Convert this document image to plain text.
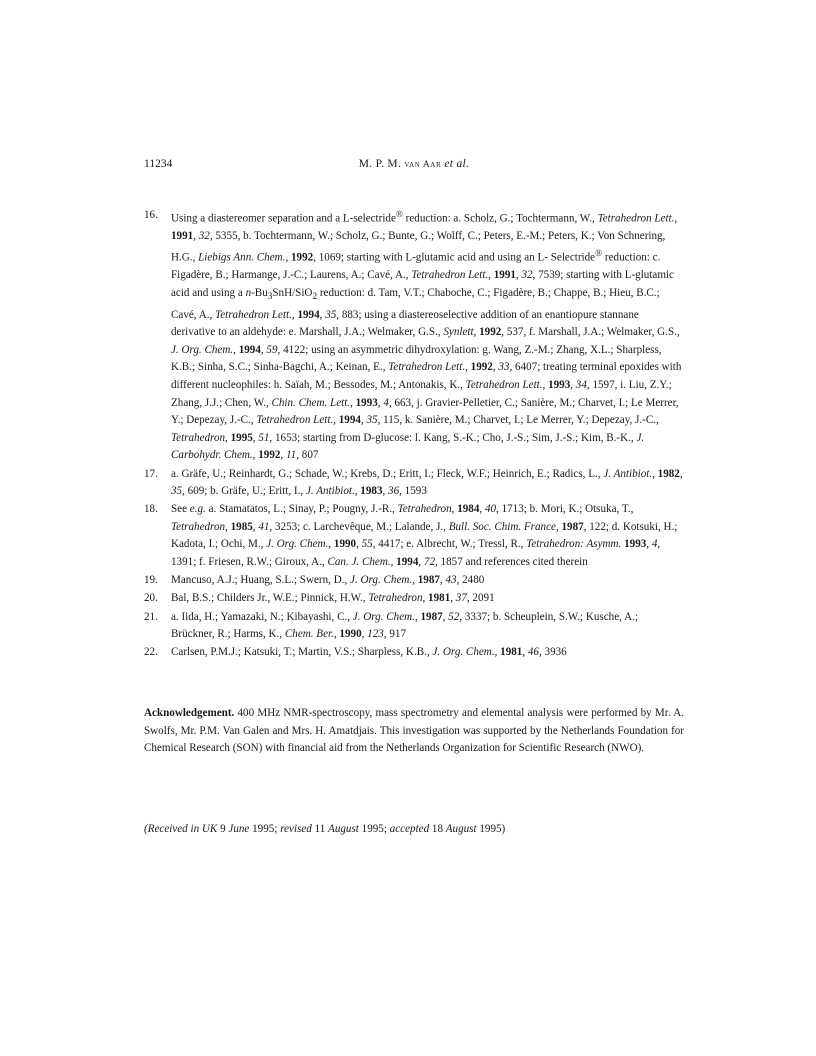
11234	M. P. M. van Aar et al.
16. Using a diastereomer separation and a L-selectride® reduction: a. Scholz, G.; Tochtermann, W., Tetrahedron Lett., 1991, 32, 5355, b. Tochtermann, W.; Scholz, G.; Bunte, G.; Wolff, C.; Peters, E.-M.; Peters, K.; Von Schnering, H.G., Liebigs Ann. Chem., 1992, 1069; starting with L-glutamic acid and using an L- Selectride® reduction: c. Figadère, B.; Harmange, J.-C.; Laurens, A.; Cavé, A., Tetrahedron Lett., 1991, 32, 7539; starting with L-glutamic acid and using a $n-Bu_3SnH/SiO_2$ reduction: d. Tam, V.T.; Chaboche, C.; Figadère, B.; Chappe, B.; Hieu, B.C.; Cavé, A., Tetrahedron Lett., 1994, 35, 883; using a diastereoselective addition of an enantiopure stannane derivative to an aldehyde: e. Marshall, J.A.; Welmaker, G.S., Synlett, 1992, 537, f. Marshall, J.A.; Welmaker, G.S., J. Org. Chem., 1994, 59, 4122; using an asymmetric dihydroxylation: g. Wang, Z.-M.; Zhang, X.L.; Sharpless, K.B.; Sinha, S.C.; Sinha-Bagchi, A.; Keinan, E., Tetrahedron Lett., 1992, 33, 6407; treating terminal epoxides with different nucleophiles: h. Saïah, M.; Bessodes, M.; Antonakis, K., Tetrahedron Lett., 1993, 34, 1597, i. Liu, Z.Y.; Zhang, J.J.; Chen, W., Chin. Chem. Lett., 1993, 4, 663, j. Gravier-Pelletier, C.; Sanière, M.; Charvet, I.; Le Merrer, Y.; Depezay, J.-C., Tetrahedron Lett., 1994, 35, 115, k. Sanière, M.; Charvet, I.; Le Merrer, Y.; Depezay, J.-C., Tetrahedron, 1995, 51, 1653; starting from D-glucose: l. Kang, S.-K.; Cho, J.-S.; Sim, J.-S.; Kim, B.-K., J. Carbohydr. Chem., 1992, 11, 807
17. a. Gräfe, U.; Reinhardt, G.; Schade, W.; Krebs, D.; Eritt, I.; Fleck, W.F.; Heinrich, E.; Radics, L., J. Antibiot., 1982, 35, 609; b. Gräfe, U.; Eritt, I., J. Antibiot., 1983, 36, 1593
18. See e.g. a. Stamatatos, L.; Sinay, P.; Pougny, J.-R., Tetrahedron, 1984, 40, 1713; b. Mori, K.; Otsuka, T., Tetrahedron, 1985, 41, 3253; c. Larchevêque, M.; Lalande, J., Bull. Soc. Chim. France, 1987, 122; d. Kotsuki, H.; Kadota, I.; Ochi, M., J. Org. Chem., 1990, 55, 4417; e. Albrecht, W.; Tressl, R., Tetrahedron: Asymm. 1993, 4, 1391; f. Friesen, R.W.; Giroux, A., Can. J. Chem., 1994, 72, 1857 and references cited therein
19. Mancuso, A.J.; Huang, S.L.; Swern, D., J. Org. Chem., 1987, 43, 2480
20. Bal, B.S.; Childers Jr., W.E.; Pinnick, H.W., Tetrahedron, 1981, 37, 2091
21. a. Iida, H.; Yamazaki, N.; Kibayashi, C., J. Org. Chem., 1987, 52, 3337; b. Scheuplein, S.W.; Kusche, A.; Brückner, R.; Harms, K., Chem. Ber., 1990, 123, 917
22. Carlsen, P.M.J.; Katsuki, T.; Martin, V.S.; Sharpless, K.B., J. Org. Chem., 1981, 46, 3936

Acknowledgement. 400 MHz NMR-spectroscopy, mass spectrometry and elemental analysis were performed by Mr. A. Swolfs, Mr. P.M. Van Galen and Mrs. H. Amatdjais. This investigation was supported by the Netherlands Foundation for Chemical Research (SON) with financial aid from the Netherlands Organization for Scientific Research (NWO).

(Received in UK 9 June 1995; revised 11 August 1995; accepted 18 August 1995)
